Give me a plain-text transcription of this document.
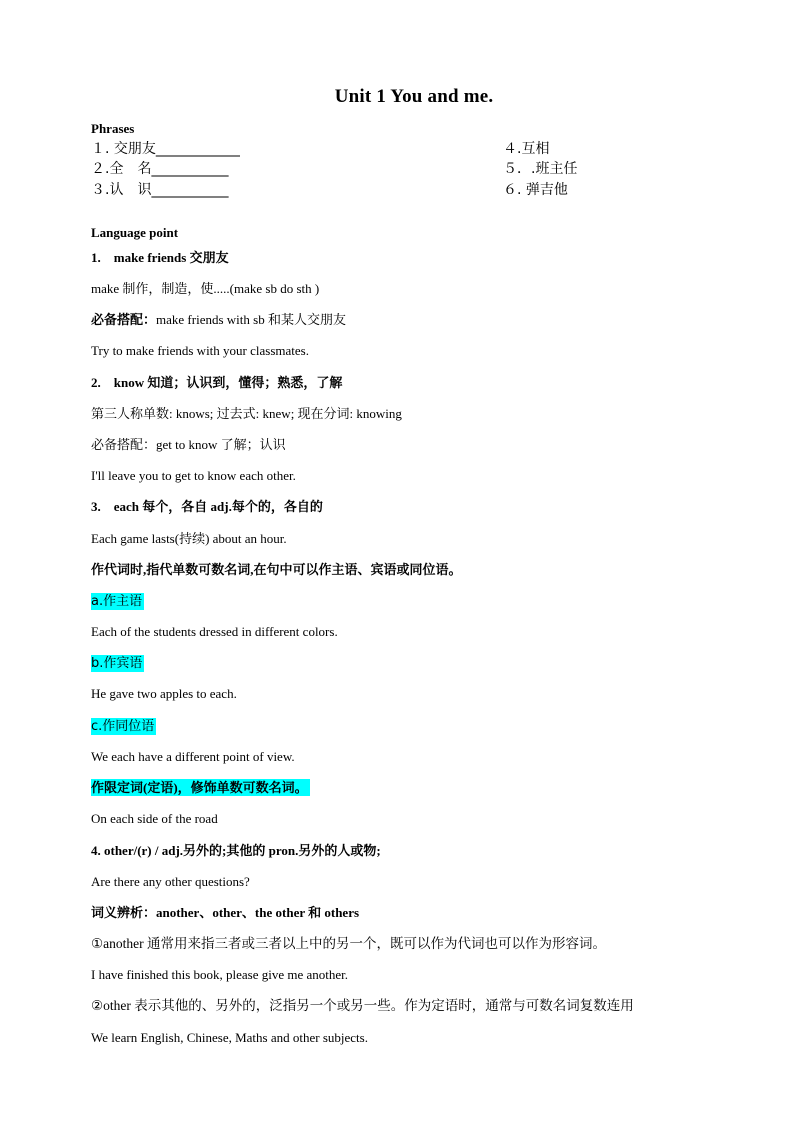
Unit 1 You and me.
Phrases
１. 交朋友____________
２.全　名___________
３.认　识___________
４.互相
５．.班主任
６. 弹吉他
Language point
1.　make friends 交朋友
make 制作，制造，使.....(make sb do sth )
必备搭配：make friends with sb 和某人交朋友
Try to make friends with your classmates.
2.　know 知道；认识到，懂得；熟悉，了解
第三人称单数: knows; 过去式: knew; 现在分词: knowing
必备搭配：get to know 了解；认识
I'll leave you to get to know each other.
3.　each 每个，各自 adj.每个的，各自的
Each game lasts(持续) about an hour.
作代词时,指代单数可数名词,在句中可以作主语、宾语或同位语。
a.作主语
Each of the students dressed in different colors.
b.作宾语
He gave two apples to each.
c.作同位语
We each have a different point of view.
作限定词(定语)，修饰单数可数名词。
On each side of the road
4. other/(r) / adj.另外的;其他的 pron.另外的人或物;
Are there any other questions?
词义辨析：another、other、the other 和 others
①another 通常用来指三者或三者以上中的另一个，既可以作为代词也可以作为形容词。
I have finished this book, please give me another.
②other 表示其他的、另外的，泛指另一个或另一些。作为定语时，通常与可数名词复数连用
We learn English, Chinese, Maths and other subjects.
